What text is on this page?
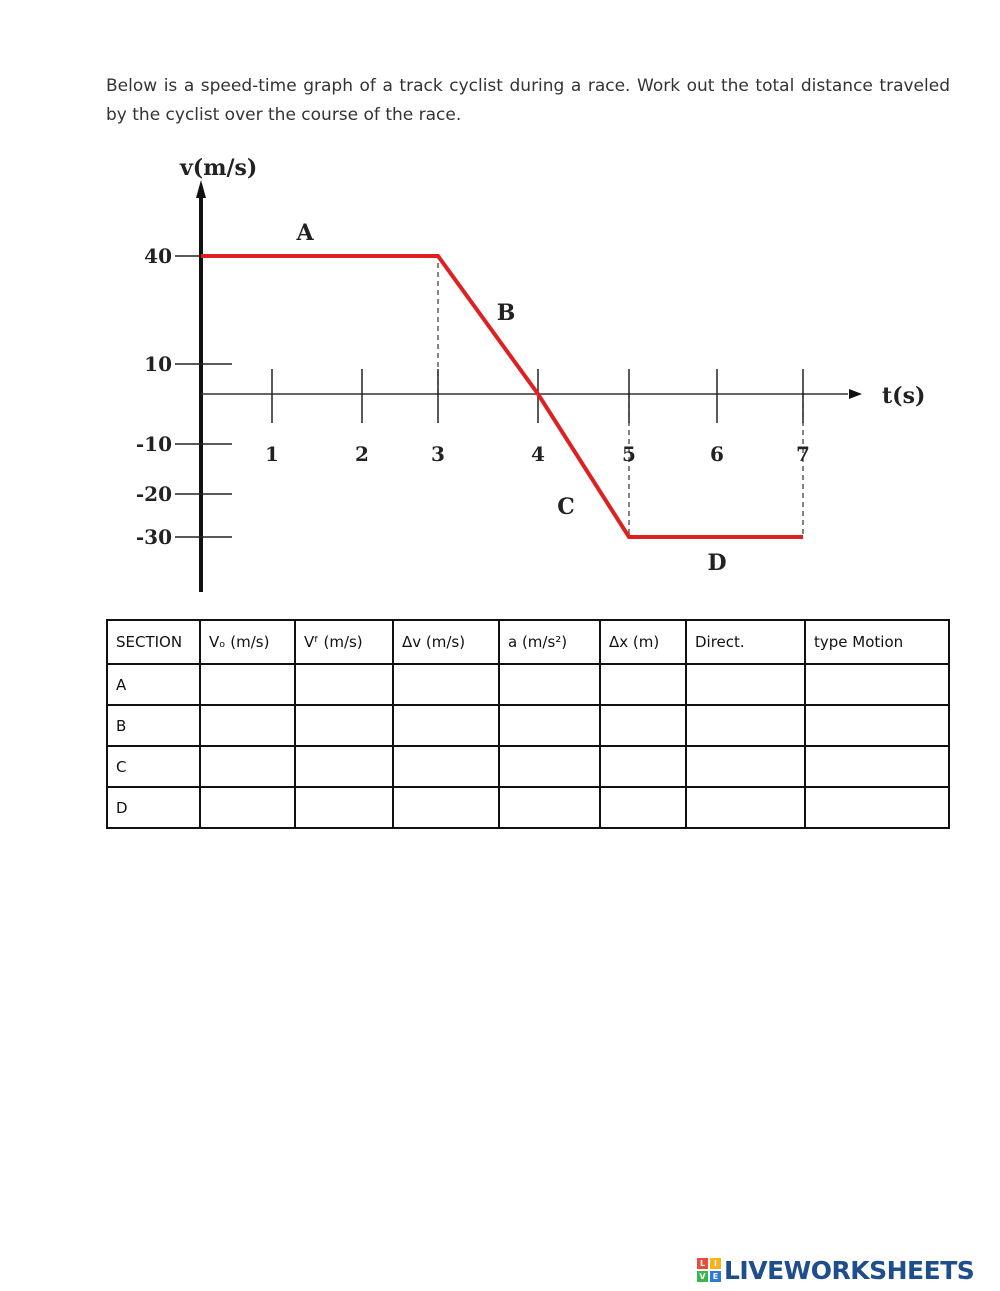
Below is a speed-time graph of a track cyclist during a race. Work out the total distance traveled by the cyclist over the course of the race.

v(m/s)
t(s)
1	2	3	4	5	6	7
40
10
-10
-20
-30
A
B
C
D
SECTION	Vₒ (m/s)	Vᶠ (m/s)	Δv (m/s)	a (m/s²)	Δx (m)	Direct.	type Motion
A							
B							
C							
D							
L	i
V E LIVEWORKSHEETS
